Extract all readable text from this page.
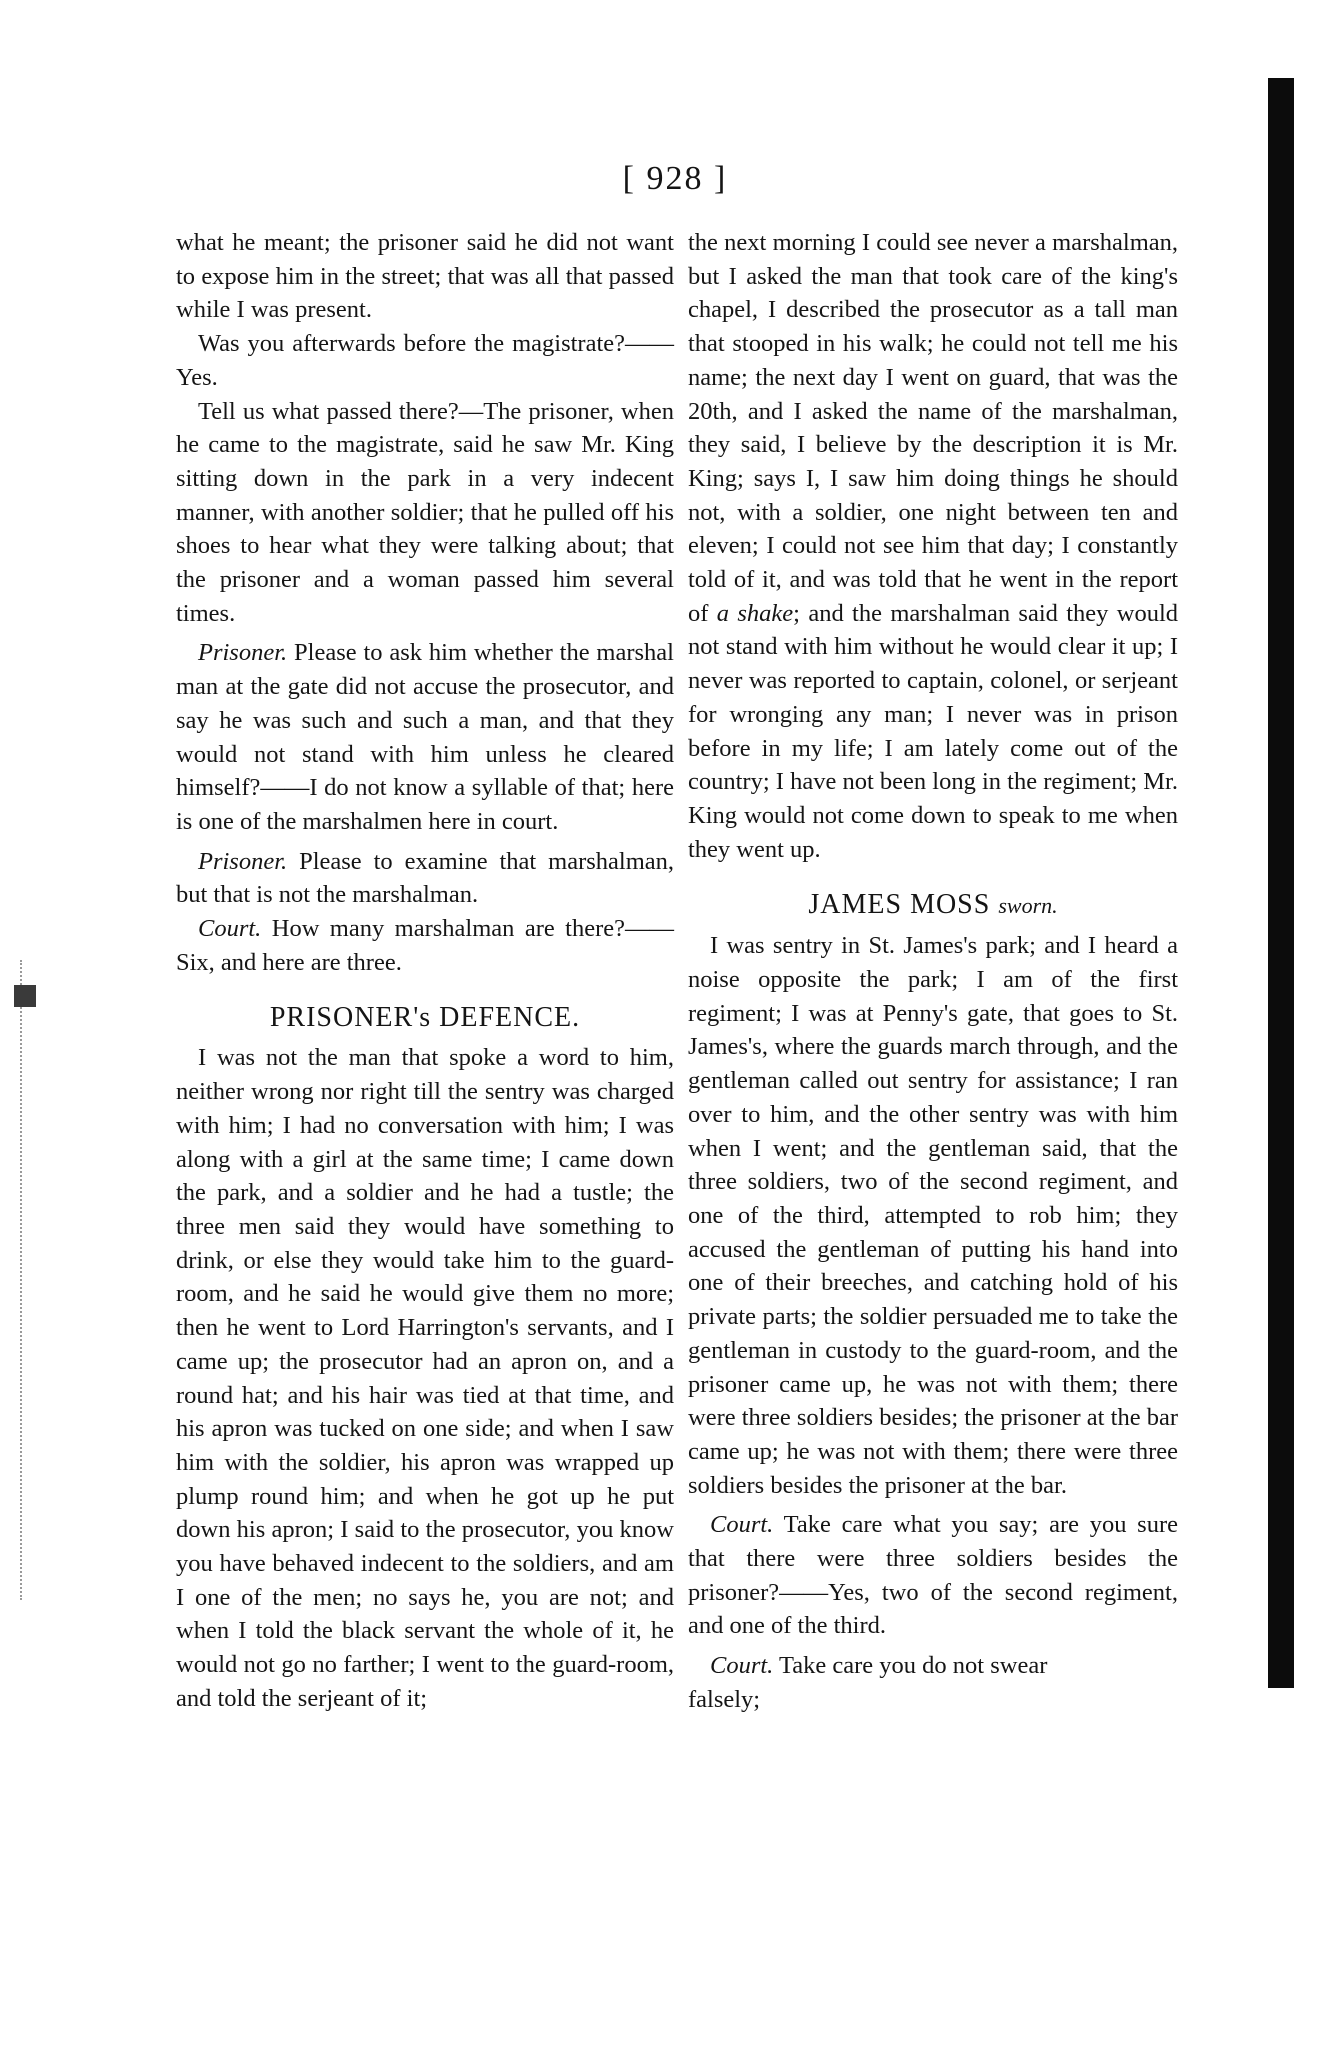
[ 928 ]

what he meant; the prisoner said he did not want to expose him in the street; that was all that passed while I was present.

Was you afterwards before the magistrate?——Yes.

Tell us what passed there?—The prisoner, when he came to the magistrate, said he saw Mr. King sitting down in the park in a very indecent manner, with another soldier; that he pulled off his shoes to hear what they were talking about; that the prisoner and a woman passed him several times.

Prisoner. Please to ask him whether the marshal man at the gate did not accuse the prosecutor, and say he was such and such a man, and that they would not stand with him unless he cleared himself?——I do not know a syllable of that; here is one of the marshalmen here in court.

Prisoner. Please to examine that marshalman, but that is not the marshalman.

Court. How many marshalman are there?——Six, and here are three.

PRISONER's DEFENCE.

I was not the man that spoke a word to him, neither wrong nor right till the sentry was charged with him; I had no conversation with him; I was along with a girl at the same time; I came down the park, and a soldier and he had a tustle; the three men said they would have something to drink, or else they would take him to the guard-room, and he said he would give them no more; then he went to Lord Harrington's servants, and I came up; the prosecutor had an apron on, and a round hat; and his hair was tied at that time, and his apron was tucked on one side; and when I saw him with the soldier, his apron was wrapped up plump round him; and when he got up he put down his apron; I said to the prosecutor, you know you have behaved indecent to the soldiers, and am I one of the men; no says he, you are not; and when I told the black servant the whole of it, he would not go no farther; I went to the guard-room, and told the serjeant of it;

the next morning I could see never a marshalman, but I asked the man that took care of the king's chapel, I described the prosecutor as a tall man that stooped in his walk; he could not tell me his name; the next day I went on guard, that was the 20th, and I asked the name of the marshalman, they said, I believe by the description it is Mr. King; says I, I saw him doing things he should not, with a soldier, one night between ten and eleven; I could not see him that day; I constantly told of it, and was told that he went in the report of a shake; and the marshalman said they would not stand with him without he would clear it up; I never was reported to captain, colonel, or serjeant for wronging any man; I never was in prison before in my life; I am lately come out of the country; I have not been long in the regiment; Mr. King would not come down to speak to me when they went up.

JAMES MOSS sworn.

I was sentry in St. James's park; and I heard a noise opposite the park; I am of the first regiment; I was at Penny's gate, that goes to St. James's, where the guards march through, and the gentleman called out sentry for assistance; I ran over to him, and the other sentry was with him when I went; and the gentleman said, that the three soldiers, two of the second regiment, and one of the third, attempted to rob him; they accused the gentleman of putting his hand into one of their breeches, and catching hold of his private parts; the soldier persuaded me to take the gentleman in custody to the guard-room, and the prisoner came up, he was not with them; there were three soldiers besides; the prisoner at the bar came up; he was not with them; there were three soldiers besides the prisoner at the bar.

Court. Take care what you say; are you sure that there were three soldiers besides the prisoner?——Yes, two of the second regiment, and one of the third.

Court. Take care you do not swear

falsely;
